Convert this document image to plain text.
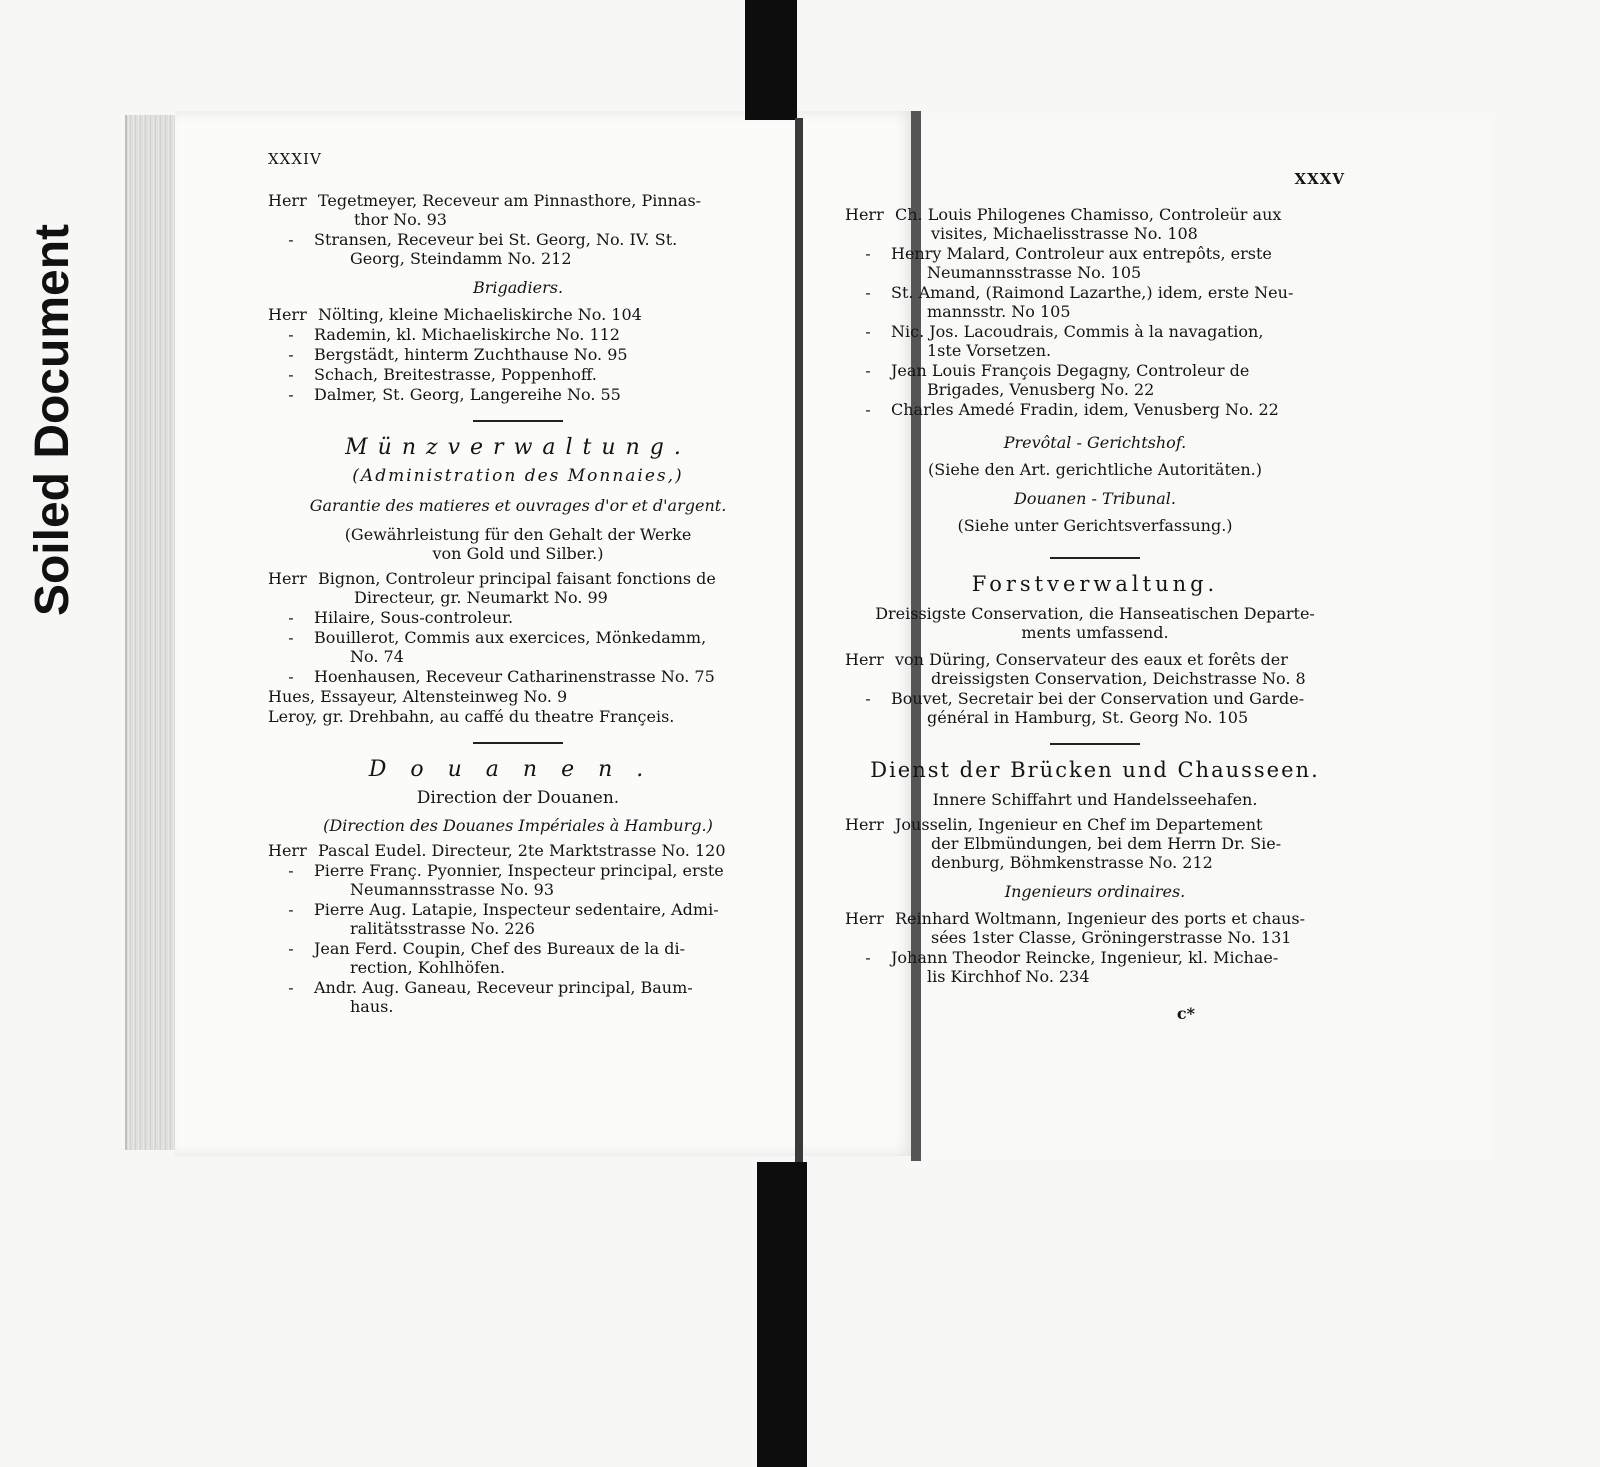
Soiled Document
XXXIV
Herr Tegetmeyer, Receveur am Pinnasthore, Pinnas-
thor No. 93
-	Stransen, Receveur bei St. Georg, No. IV. St.
Georg, Steindamm No. 212
Brigadiers.
Herr Nölting, kleine Michaeliskirche No. 104
-	Rademin, kl. Michaeliskirche No. 112
-	Bergstädt, hinterm Zuchthause No. 95
-	Schach, Breitestrasse, Poppenhoff.
-	Dalmer, St. Georg, Langereihe No. 55
Münzverwaltung.
(Administration des Monnaies,)
Garantie des matieres et ouvrages d'or et d'argent.
(Gewährleistung für den Gehalt der Werke
von Gold und Silber.)
Herr Bignon, Controleur principal faisant fonctions de
Directeur, gr. Neumarkt No. 99
-	Hilaire, Sous-controleur.
-	Bouillerot, Commis aux exercices, Mönkedamm,
No. 74
-	Hoenhausen, Receveur Catharinenstrasse No. 75
Hues, Essayeur, Altensteinweg No. 9
Leroy, gr. Drehbahn, au caffé du theatre Françeis.
Douanen.
Direction der Douanen.
(Direction des Douanes Impériales à Hamburg.)
Herr Pascal Eudel. Directeur, 2te Marktstrasse No. 120
-	Pierre Franç. Pyonnier, Inspecteur principal, erste
Neumannsstrasse No. 93
-	Pierre Aug. Latapie, Inspecteur sedentaire, Admi-
ralitätsstrasse No. 226
-	Jean Ferd. Coupin, Chef des Bureaux de la di-
rection, Kohlhöfen.
-	Andr. Aug. Ganeau, Receveur principal, Baum-
haus.
XXXV
Herr Ch. Louis Philogenes Chamisso, Controleür aux
visites, Michaelisstrasse No. 108
-	Henry Malard, Controleur aux entrepôts, erste
Neumannsstrasse No. 105
-	St. Amand, (Raimond Lazarthe,) idem, erste Neu-
mannsstr. No 105
-	Nic. Jos. Lacoudrais, Commis à la navagation,
1ste Vorsetzen.
-	Jean Louis François Degagny, Controleur de
Brigades, Venusberg No. 22
-	Charles Amedé Fradin, idem, Venusberg No. 22
Prevôtal - Gerichtshof.
(Siehe den Art. gerichtliche Autoritäten.)
Douanen - Tribunal.
(Siehe unter Gerichtsverfassung.)
Forstverwaltung.
Dreissigste Conservation, die Hanseatischen Departe-
ments umfassend.
Herr von Düring, Conservateur des eaux et forêts der
dreissigsten Conservation, Deichstrasse No. 8
-	Bouvet, Secretair bei der Conservation und Garde-
général in Hamburg, St. Georg No. 105
Dienst der Brücken und Chausseen.
Innere Schiffahrt und Handelsseehafen.
Herr Jousselin, Ingenieur en Chef im Departement
der Elbmündungen, bei dem Herrn Dr. Sie-
denburg, Böhmkenstrasse No. 212
Ingenieurs ordinaires.
Herr Reinhard Woltmann, Ingenieur des ports et chaus-
sées 1ster Classe, Gröningerstrasse No. 131
-	Johann Theodor Reincke, Ingenieur, kl. Michae-
lis Kirchhof No. 234
c*
